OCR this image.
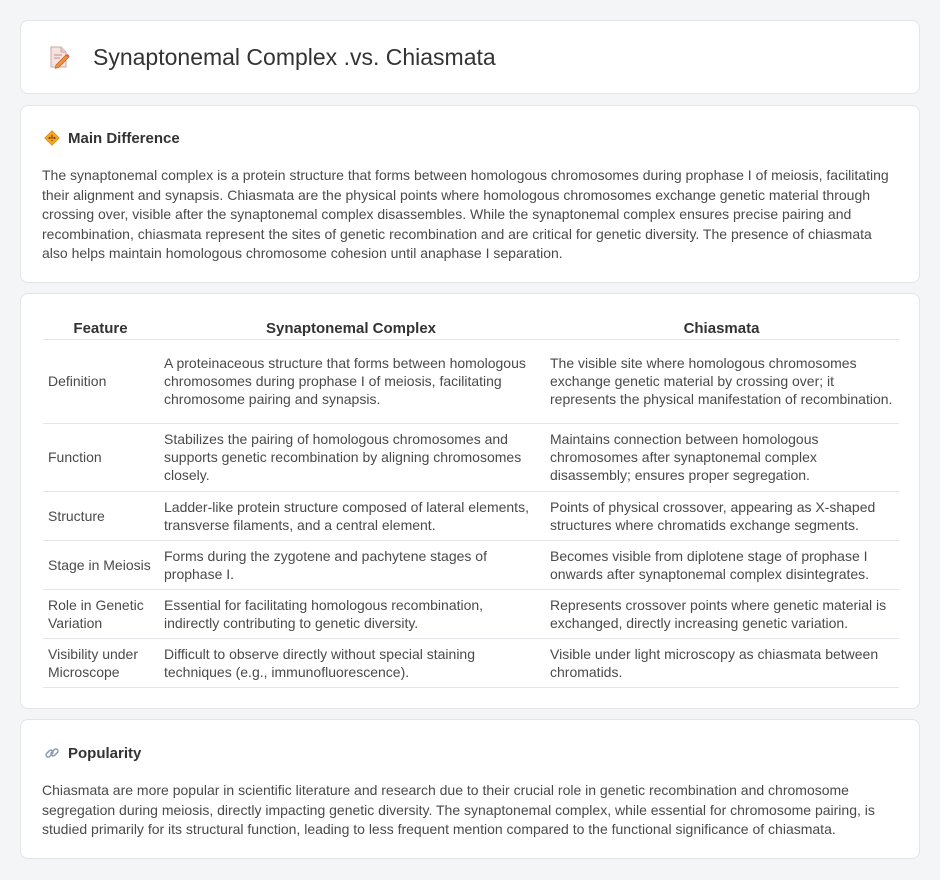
Synaptonemal Complex .vs. Chiasmata
Main Difference

The synaptonemal complex is a protein structure that forms between homologous chromosomes during prophase I of meiosis, facilitating their alignment and synapsis. Chiasmata are the physical points where homologous chromosomes exchange genetic material through crossing over, visible after the synaptonemal complex disassembles. While the synaptonemal complex ensures precise pairing and recombination, chiasmata represent the sites of genetic recombination and are critical for genetic diversity. The presence of chiasmata also helps maintain homologous chromosome cohesion until anaphase I separation.

Feature	Synaptonemal Complex	Chiasmata
Definition	A proteinaceous structure that forms between homologous chromosomes during prophase I of meiosis, facilitating chromosome pairing and synapsis.	The visible site where homologous chromosomes exchange genetic material by crossing over; it represents the physical manifestation of recombination.
Function	Stabilizes the pairing of homologous chromosomes and supports genetic recombination by aligning chromosomes closely.	Maintains connection between homologous chromosomes after synaptonemal complex disassembly; ensures proper segregation.
Structure	Ladder-like protein structure composed of lateral elements, transverse filaments, and a central element.	Points of physical crossover, appearing as X-shaped structures where chromatids exchange segments.
Stage in Meiosis	Forms during the zygotene and pachytene stages of prophase I.	Becomes visible from diplotene stage of prophase I onwards after synaptonemal complex disintegrates.
Role in Genetic Variation	Essential for facilitating homologous recombination, indirectly contributing to genetic diversity.	Represents crossover points where genetic material is exchanged, directly increasing genetic variation.
Visibility under Microscope	Difficult to observe directly without special staining techniques (e.g., immunofluorescence).	Visible under light microscopy as chiasmata between chromatids.
Popularity

Chiasmata are more popular in scientific literature and research due to their crucial role in genetic recombination and chromosome segregation during meiosis, directly impacting genetic diversity. The synaptonemal complex, while essential for chromosome pairing, is studied primarily for its structural function, leading to less frequent mention compared to the functional significance of chiasmata.
